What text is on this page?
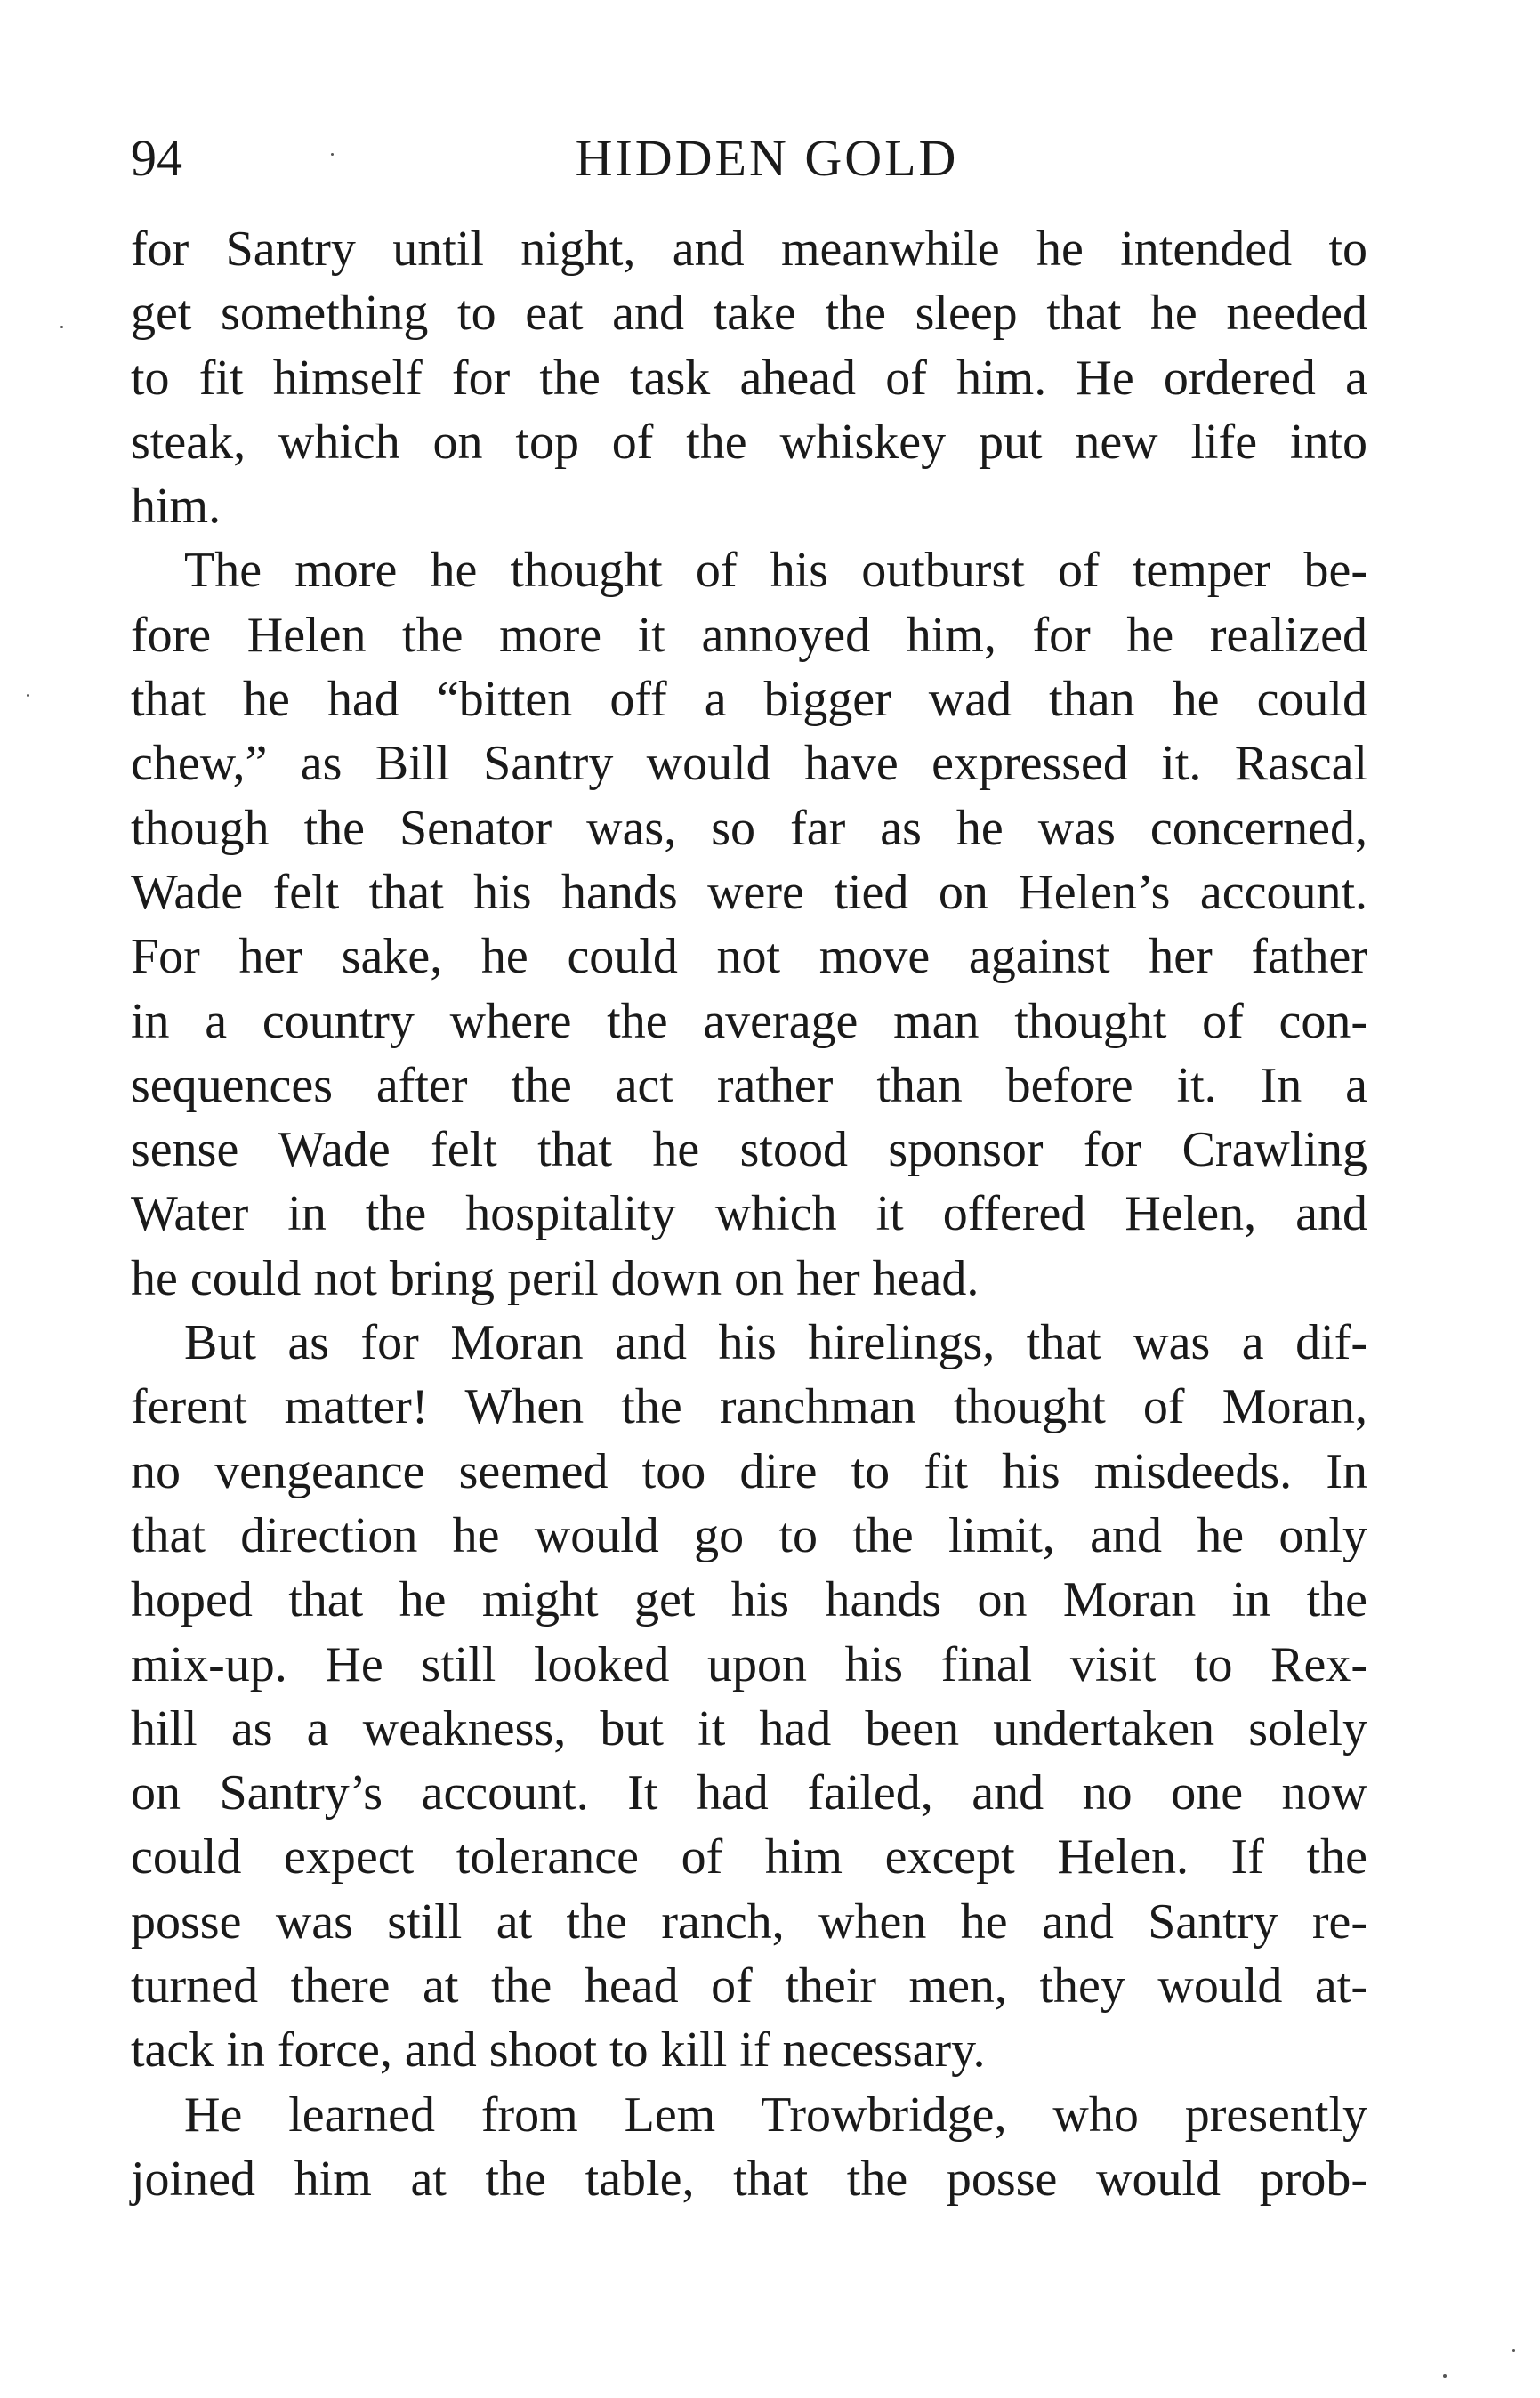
94	HIDDEN GOLD
for Santry until night, and meanwhile he intended to
get something to eat and take the sleep that he needed
to fit himself for the task ahead of him. He ordered a
steak, which on top of the whiskey put new life into
him.
The more he thought of his outburst of temper be-
fore Helen the more it annoyed him, for he realized
that he had “bitten off a bigger wad than he could
chew,” as Bill Santry would have expressed it. Rascal
though the Senator was, so far as he was concerned,
Wade felt that his hands were tied on Helen’s account.
For her sake, he could not move against her father
in a country where the average man thought of con-
sequences after the act rather than before it. In a
sense Wade felt that he stood sponsor for Crawling
Water in the hospitality which it offered Helen, and
he could not bring peril down on her head.
But as for Moran and his hirelings, that was a dif-
ferent matter! When the ranchman thought of Moran,
no vengeance seemed too dire to fit his misdeeds. In
that direction he would go to the limit, and he only
hoped that he might get his hands on Moran in the
mix-up. He still looked upon his final visit to Rex-
hill as a weakness, but it had been undertaken solely
on Santry’s account. It had failed, and no one now
could expect tolerance of him except Helen. If the
posse was still at the ranch, when he and Santry re-
turned there at the head of their men, they would at-
tack in force, and shoot to kill if necessary.
He learned from Lem Trowbridge, who presently
joined him at the table, that the posse would prob-
